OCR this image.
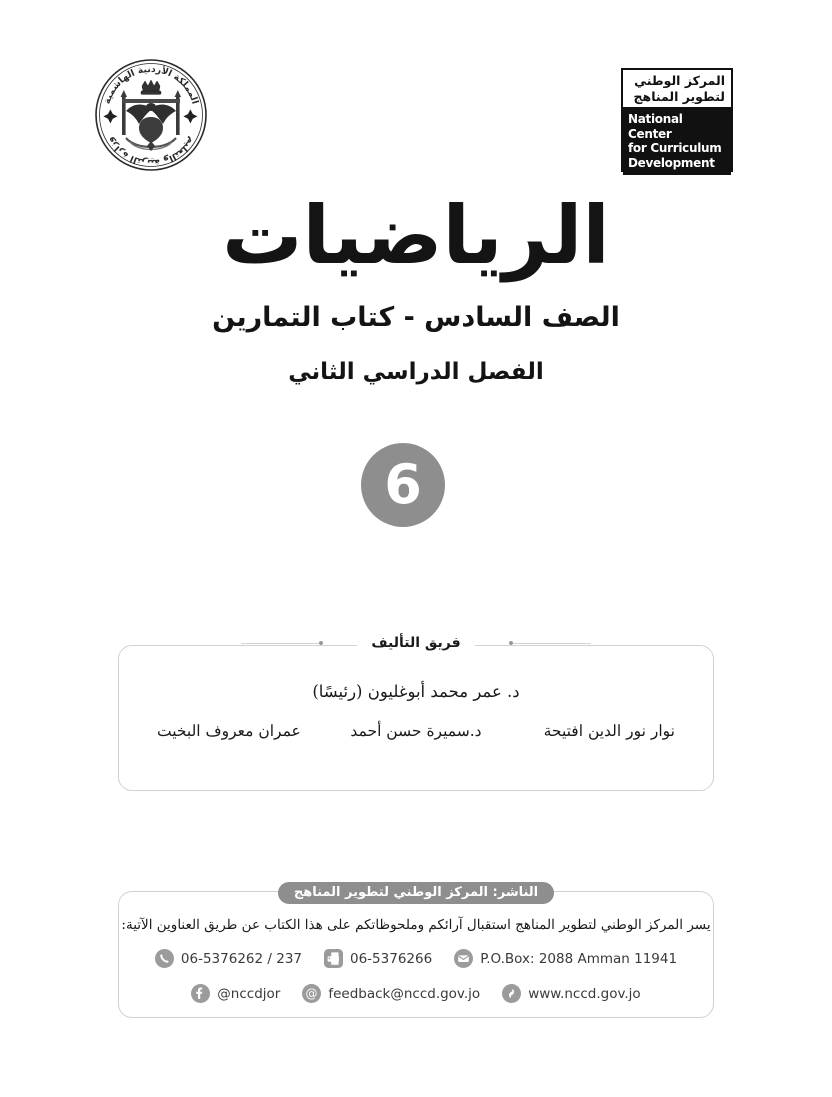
المملكة الأردنية الهاشمية
وزارة التربية والتعليم
المركز الوطني
لتطوير المناهج
National Center
for Curriculum
Development
الرياضيات

الصف السادس - كتاب التمارين

الفصل الدراسي الثاني

6
فريق التأليف
د. عمر محمد أبوغليون (رئيسًا)
نوار نور الدين افتيحة
د.سميرة حسن أحمد
عمران معروف البخيت
الناشر: المركز الوطني لتطوير المناهج
يسر المركز الوطني لتطوير المناهج استقبال آرائكم وملحوظاتكم على هذا الكتاب عن طريق العناوين الآتية:
06-5376262 / 237	06-5376266	P.O.Box: 2088 Amman 11941
@nccdjor @ feedback@nccd.gov.jo	www.nccd.gov.jo
